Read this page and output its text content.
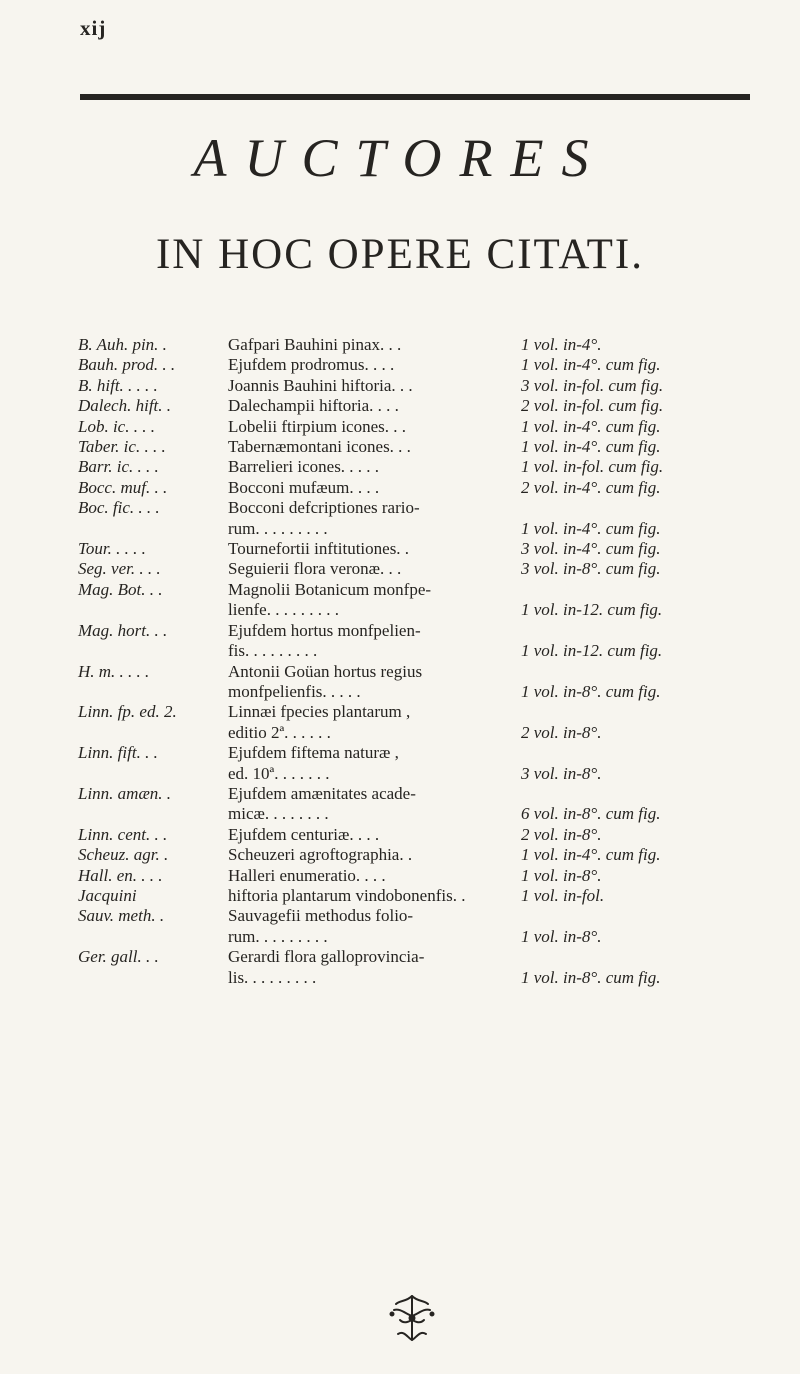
xij
AUCTORES
IN HOC OPERE CITATI.
B. Auh. pin. .	Gafpari Bauhini pinax. . .	1 vol. in-4°.
Bauh. prod. . .	Ejufdem prodromus. . . .	1 vol. in-4°. cum fig.
B. hift. . . . .	Joannis Bauhini hiftoria. . .	3 vol. in-fol. cum fig.
Dalech. hift. .	Dalechampii hiftoria. . . .	2 vol. in-fol. cum fig.
Lob. ic. . . .	Lobelii ftirpium icones. . .	1 vol. in-4°. cum fig.
Taber. ic. . . .	Tabernæmontani icones. . .	1 vol. in-4°. cum fig.
Barr. ic. . . .	Barrelieri icones. . . . .	1 vol. in-fol. cum fig.
Bocc. muf. . .	Bocconi mufæum. . . .	2 vol. in-4°. cum fig.
Boc. fic. . . .	Bocconi defcriptiones rario-
rum. . . . . . . . .	1 vol. in-4°. cum fig.
Tour. . . . .	Tournefortii inftitutiones. .	3 vol. in-4°. cum fig.
Seg. ver. . . .	Seguierii flora veronæ. . .	3 vol. in-8°. cum fig.
Mag. Bot. . .	Magnolii Botanicum monfpe-
lienfe. . . . . . . . .	1 vol. in-12. cum fig.
Mag. hort. . .	Ejufdem hortus monfpelien-
fis. . . . . . . . .	1 vol. in-12. cum fig.
H. m. . . . .	Antonii Goüan hortus regius
monfpelienfis. . . . .	1 vol. in-8°. cum fig.
Linn. fp. ed. 2.	Linnæi fpecies plantarum ,
editio 2ª. . . . . .	2 vol. in-8°.
Linn. fift. . .	Ejufdem fiftema naturæ ,
ed. 10ª. . . . . . .	3 vol. in-8°.
Linn. amæn. .	Ejufdem amænitates acade-
micæ. . . . . . . .	6 vol. in-8°. cum fig.
Linn. cent. . .	Ejufdem centuriæ. . . .	2 vol. in-8°.
Scheuz. agr. .	Scheuzeri agroftographia. .	1 vol. in-4°. cum fig.
Hall. en. . . .	Halleri enumeratio. . . .	1 vol. in-8°.
Jacquini	hiftoria plantarum vindobonenfis. .	1 vol. in-fol.
Sauv. meth. .	Sauvagefii methodus folio-
rum. . . . . . . . .	1 vol. in-8°.
Ger. gall. . .	Gerardi flora galloprovincia-
lis. . . . . . . . .	1 vol. in-8°. cum fig.
